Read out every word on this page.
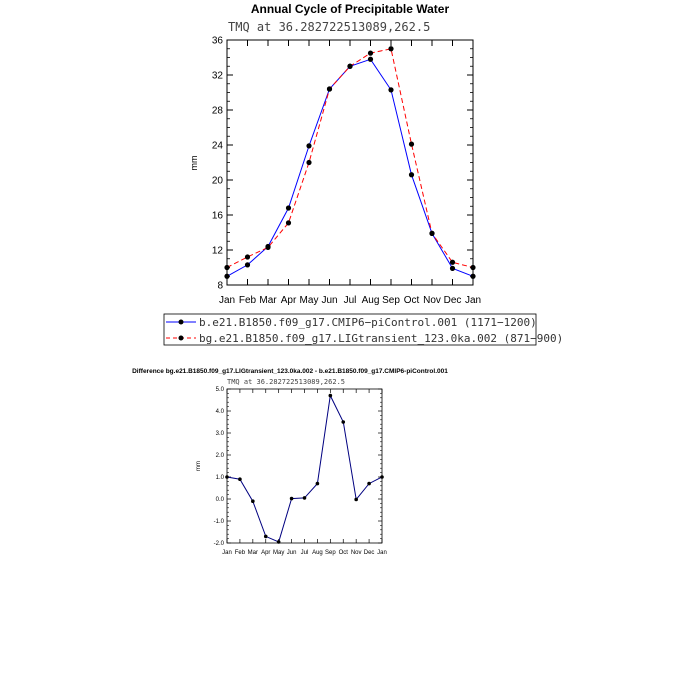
Annual Cycle of Precipitable Water
TMQ at 36.282722513089,262.5
mm
8
12
16
20
24
28
32
36
Jan Feb Mar Apr May Jun Jul Aug Sep Oct Nov Dec Jan
b.e21.B1850.f09_g17.CMIP6−piControl.001 (1171−1200)
bg.e21.B1850.f09_g17.LIGtransient_123.0ka.002 (871−900)
Difference bg.e21.B1850.f09_g17.LIGtransient_123.0ka.002 - b.e21.B1850.f09_g17.CMIP6-piControl.001
TMQ at 36.282722513089,262.5
mm
-2.0
-1.0
0.0
1.0
2.0
3.0
4.0
5.0
Jan Feb Mar Apr May Jun Jul Aug Sep Oct Nov Dec Jan
